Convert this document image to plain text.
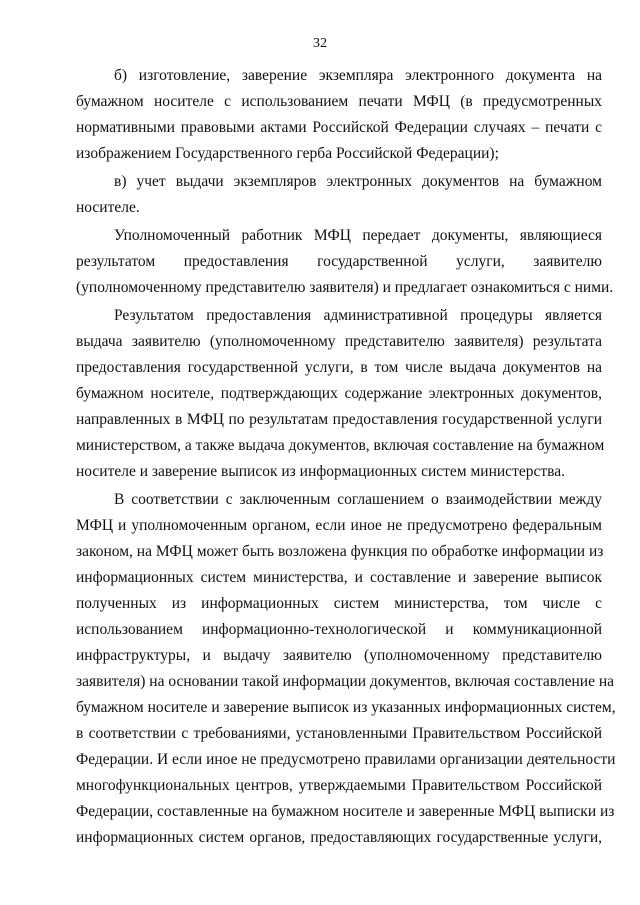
32
б) изготовление, заверение экземпляра электронного документа на
бумажном носителе с использованием печати МФЦ (в предусмотренных
нормативными правовыми актами Российской Федерации случаях – печати с
изображением Государственного герба Российской Федерации);
в) учет выдачи экземпляров электронных документов на бумажном
носителе.
Уполномоченный работник МФЦ передает документы, являющиеся
результатом предоставления государственной услуги, заявителю
(уполномоченному представителю заявителя) и предлагает ознакомиться с ними.
Результатом предоставления административной процедуры является
выдача заявителю (уполномоченному представителю заявителя) результата
предоставления государственной услуги, в том числе выдача документов на
бумажном носителе, подтверждающих содержание электронных документов,
направленных в МФЦ по результатам предоставления государственной услуги
министерством, а также выдача документов, включая составление на бумажном
носителе и заверение выписок из информационных систем министерства.
В соответствии с заключенным соглашением о взаимодействии между
МФЦ и уполномоченным органом, если иное не предусмотрено федеральным
законом, на МФЦ может быть возложена функция по обработке информации из
информационных систем министерства, и составление и заверение выписок
полученных из информационных систем министерства, том числе с
использованием информационно-технологической и коммуникационной
инфраструктуры, и выдачу заявителю (уполномоченному представителю
заявителя) на основании такой информации документов, включая составление на
бумажном носителе и заверение выписок из указанных информационных систем,
в соответствии с требованиями, установленными Правительством Российской
Федерации. И если иное не предусмотрено правилами организации деятельности
многофункциональных центров, утверждаемыми Правительством Российской
Федерации, составленные на бумажном носителе и заверенные МФЦ выписки из
информационных систем органов, предоставляющих государственные услуги,
